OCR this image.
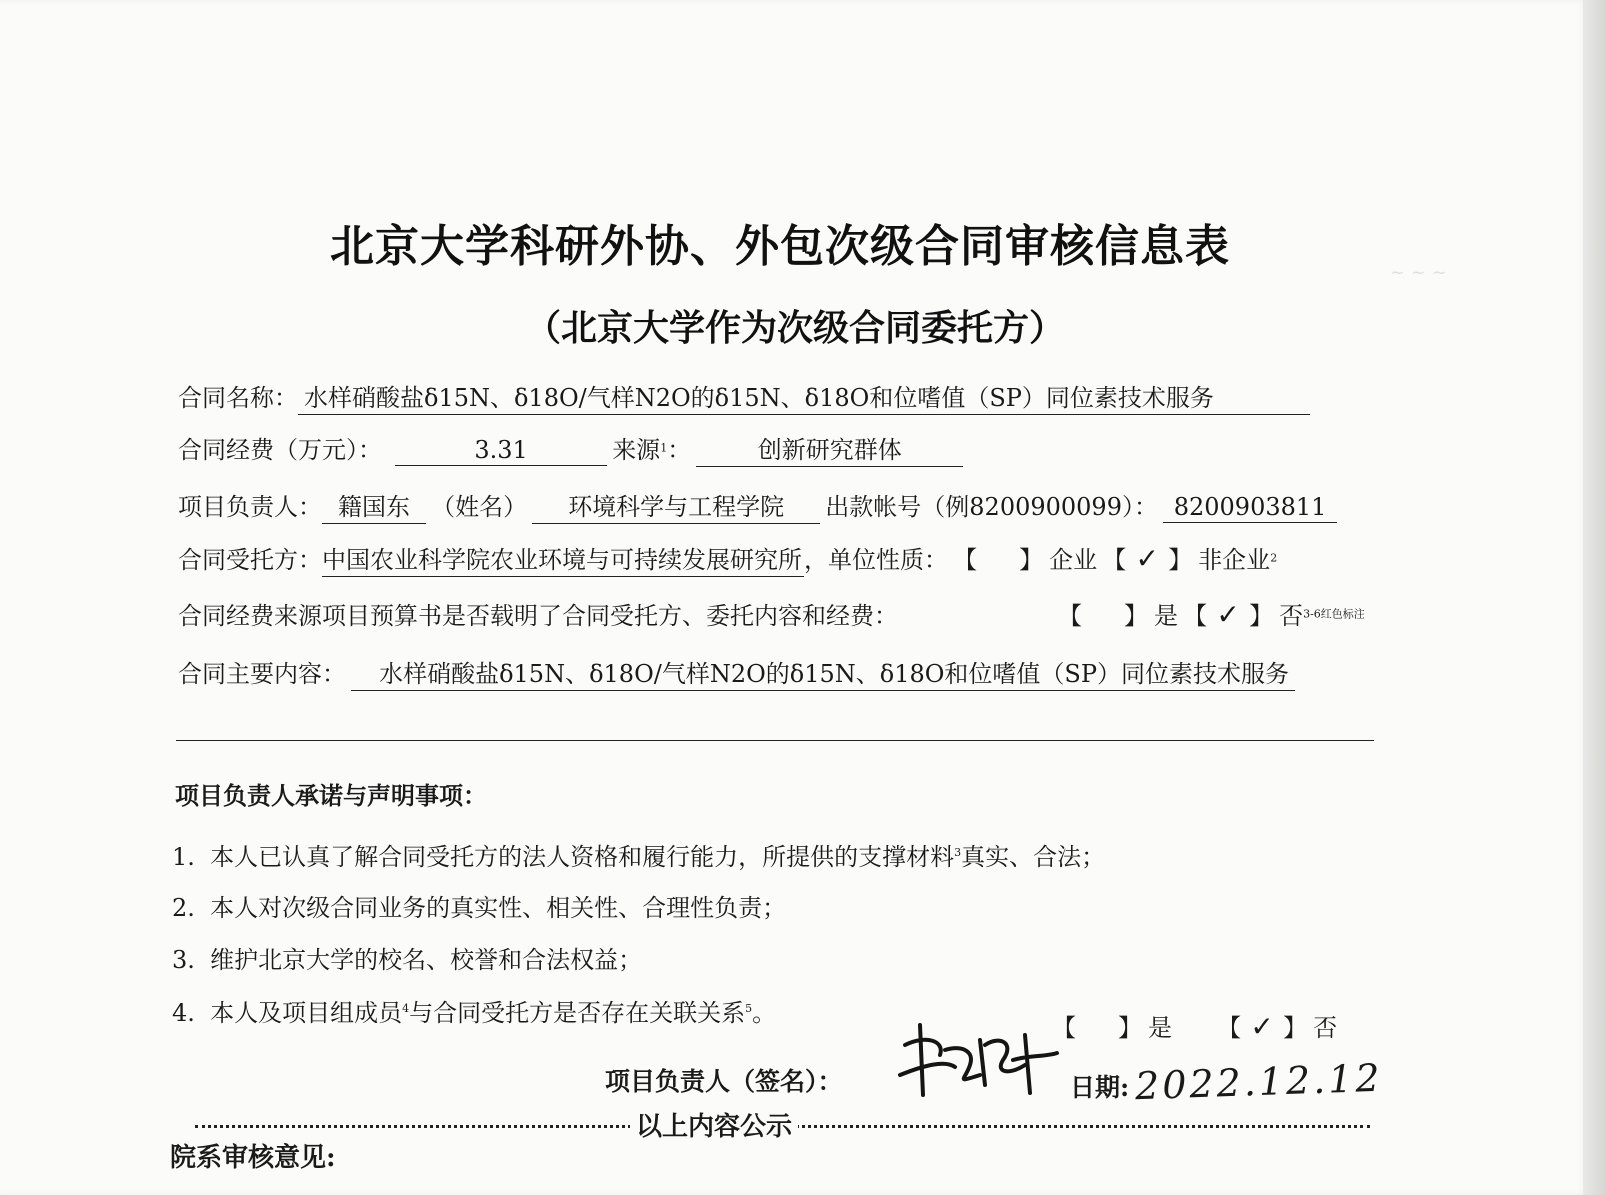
~ ~ ~
北京大学科研外协、外包次级合同审核信息表
（北京大学作为次级合同委托方）
合同名称： 水样硝酸盐δ15N、δ18O/气样N2O的δ15N、δ18O和位嗜值（SP）同位素技术服务
合同经费（万元）：	3.31	来源$^1$：	创新研究群体
项目负责人： 籍国东 （姓名） 环境科学与工程学院 出款帐号（例8200900099）： 8200903811
合同受托方：中国农业科学院农业环境与可持续发展研究所，单位性质： 【 】企业 【 ✓ 】非企业$^2$
合同经费来源项目预算书是否载明了合同受托方、委托内容和经费：	【 】是 【 ✓ 】否$^{3-6红色标注}$
合同主要内容： 水样硝酸盐δ15N、δ18O/气样N2O的δ15N、δ18O和位嗜值（SP）同位素技术服务
项目负责人承诺与声明事项：
1. 本人已认真了解合同受托方的法人资格和履行能力，所提供的支撑材料$^3$真实、合法；
2. 本人对次级合同业务的真实性、相关性、合理性负责；
3. 维护北京大学的校名、校誉和合法权益；
4. 本人及项目组成员$^4$与合同受托方是否存在关联关系$^5$。
【 】是 【 ✓ 】否
项目负责人（签名）：	日期: 2022.12.12
以上内容公示
院系审核意见:
